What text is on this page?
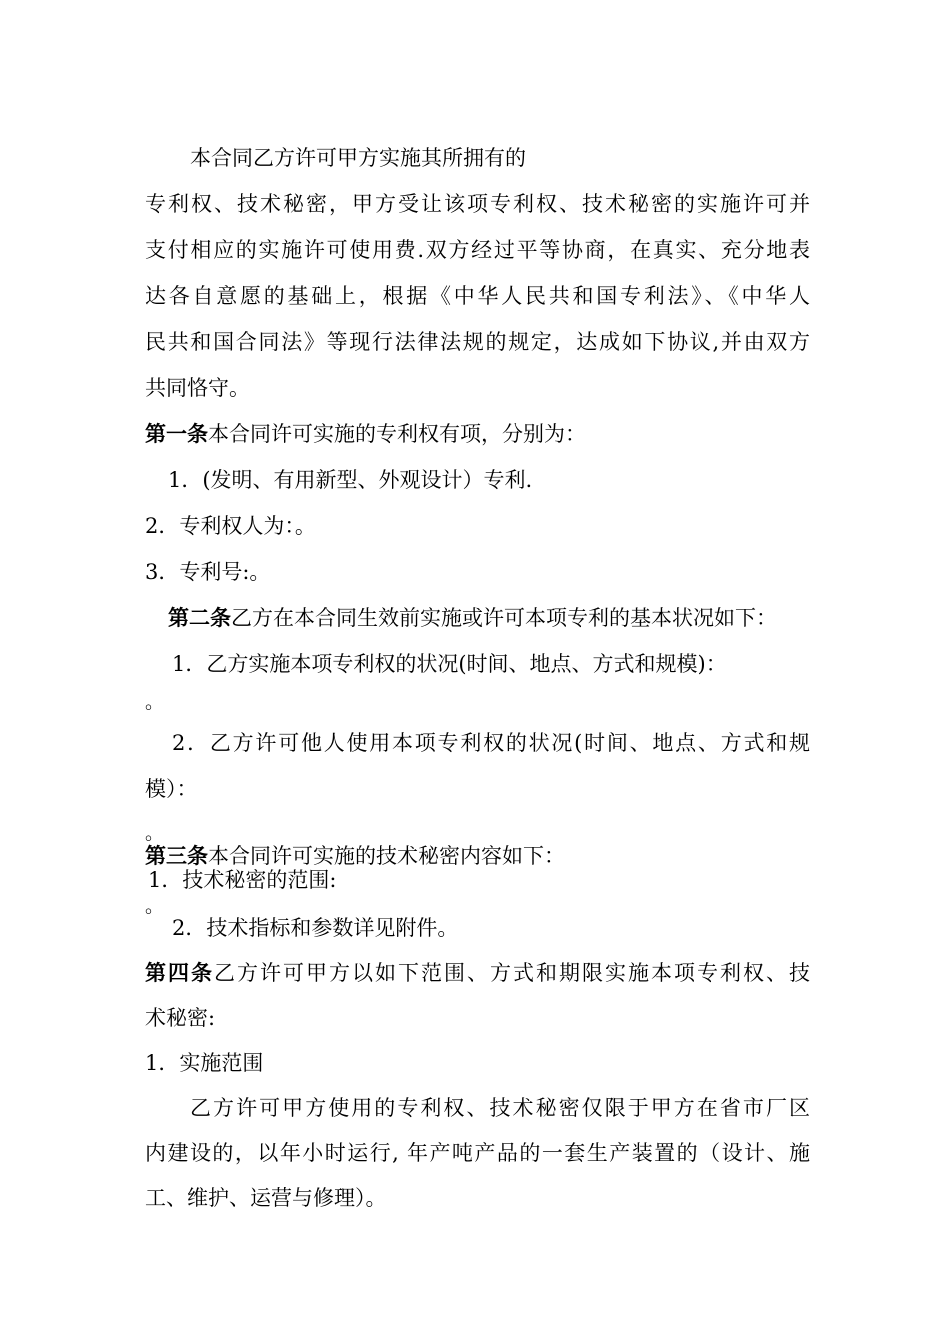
本合同乙方许可甲方实施其所拥有的
专利权、技术秘密，甲方受让该项专利权、技术秘密的实施许可并
支付相应的实施许可使用费.双方经过平等协商，在真实、充分地表
达各自意愿的基础上，根据《中华人民共和国专利法》、《中华人
民共和国合同法》等现行法律法规的规定，达成如下协议,并由双方
共同恪守。
第一条本合同许可实施的专利权有项，分别为：
1．(发明、有用新型、外观设计）专利.
2．专利权人为：。
3．专利号:。
第二条乙方在本合同生效前实施或许可本项专利的基本状况如下：
1．乙方实施本项专利权的状况(时间、地点、方式和规模)：
。
2．乙方许可他人使用本项专利权的状况(时间、地点、方式和规
模）：
。
第三条本合同许可实施的技术秘密内容如下：
1．技术秘密的范围:
。
2．技术指标和参数详见附件。
第四条乙方许可甲方以如下范围、方式和期限实施本项专利权、技
术秘密:
1．实施范围
乙方许可甲方使用的专利权、技术秘密仅限于甲方在省市厂区
内建设的，以年小时运行, 年产吨产品的一套生产装置的（设计、施
工、维护、运营与修理）。
